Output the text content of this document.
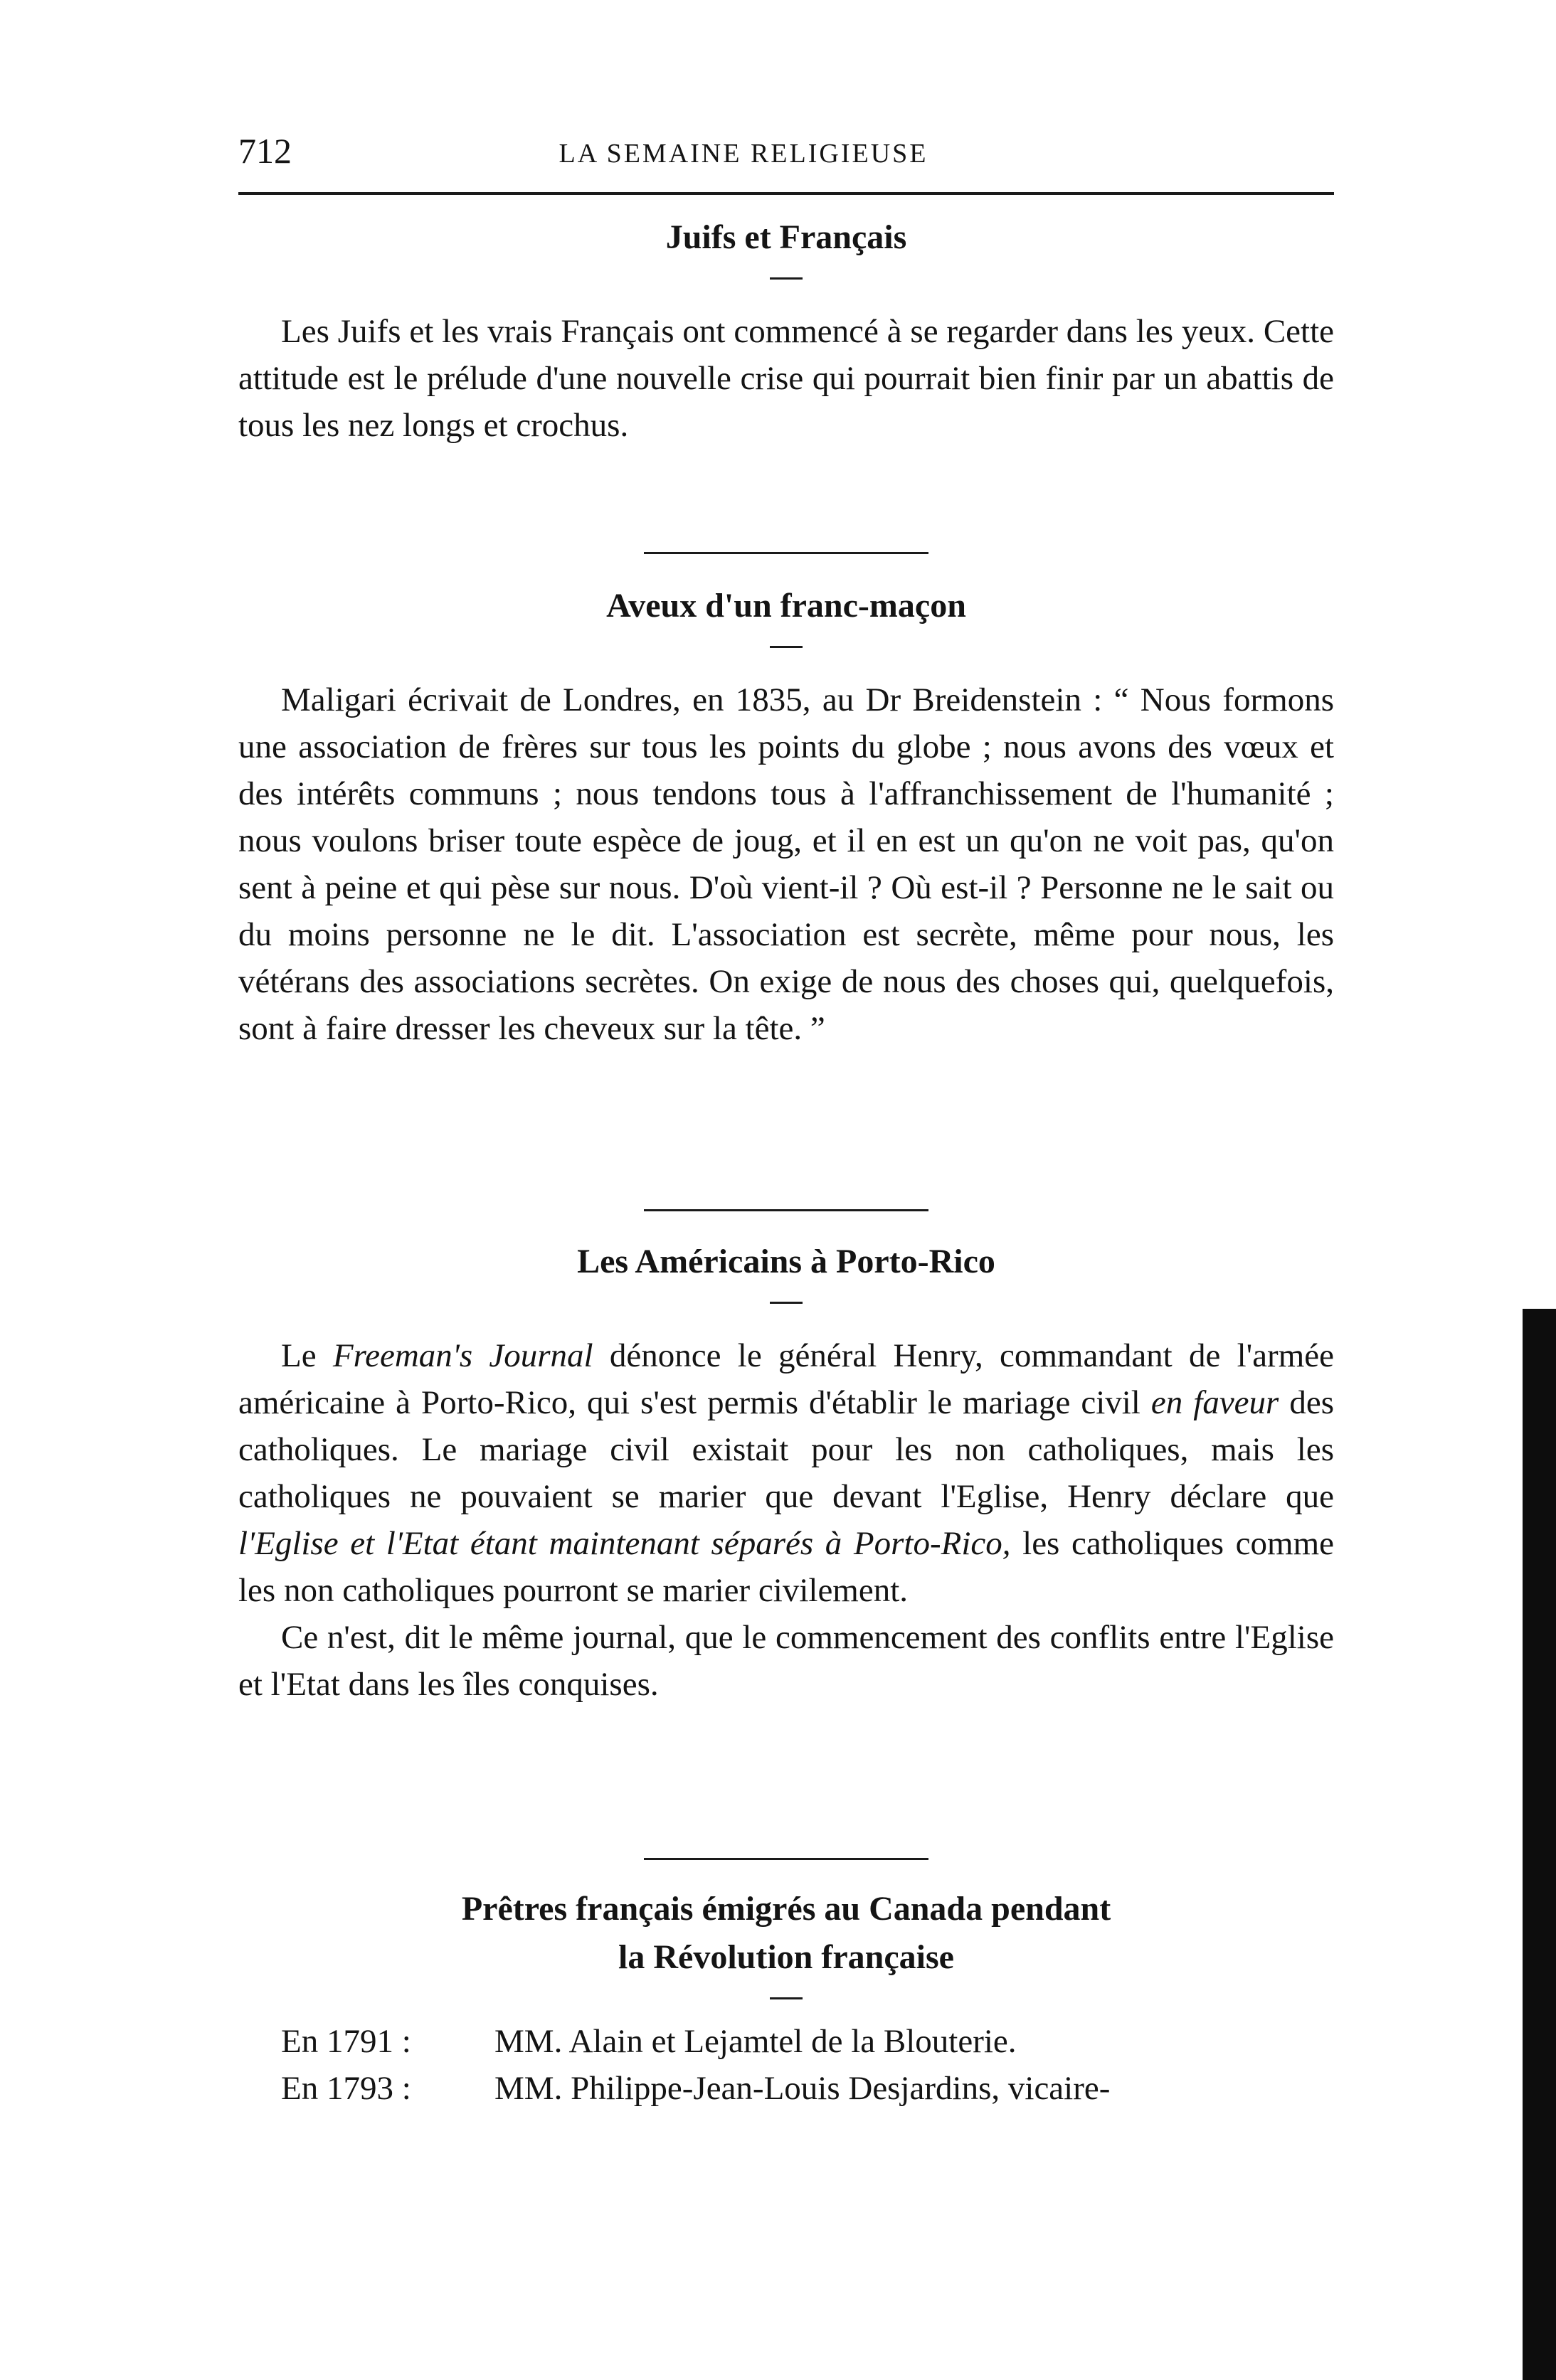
712	LA SEMAINE RELIGIEUSE
Juifs et Français

Les Juifs et les vrais Français ont commencé à se regarder dans les yeux. Cette attitude est le prélude d'une nouvelle crise qui pourrait bien finir par un abattis de tous les nez longs et crochus.

Aveux d'un franc-maçon

Maligari écrivait de Londres, en 1835, au Dr Breidenstein : “ Nous formons une association de frères sur tous les points du globe ; nous avons des vœux et des intérêts communs ; nous tendons tous à l'affranchissement de l'humanité ; nous voulons briser toute espèce de joug, et il en est un qu'on ne voit pas, qu'on sent à peine et qui pèse sur nous. D'où vient-il ? Où est-il ? Personne ne le sait ou du moins personne ne le dit. L'association est secrète, même pour nous, les vétérans des associations secrètes. On exige de nous des choses qui, quelquefois, sont à faire dresser les cheveux sur la tête. ”

Les Américains à Porto-Rico

Le Freeman's Journal dénonce le général Henry, commandant de l'armée américaine à Porto-Rico, qui s'est permis d'établir le mariage civil en faveur des catholiques. Le mariage civil existait pour les non catholiques, mais les catholiques ne pouvaient se marier que devant l'Eglise, Henry déclare que l'Eglise et l'Etat étant maintenant séparés à Porto-Rico, les catholiques comme les non catholiques pourront se marier civilement.

Ce n'est, dit le même journal, que le commencement des conflits entre l'Eglise et l'Etat dans les îles conquises.

Prêtres français émigrés au Canada pendant
la Révolution française
En 1791 : MM. Alain et Lejamtel de la Blouterie.
En 1793 : MM. Philippe-Jean-Louis Desjardins, vicaire-
